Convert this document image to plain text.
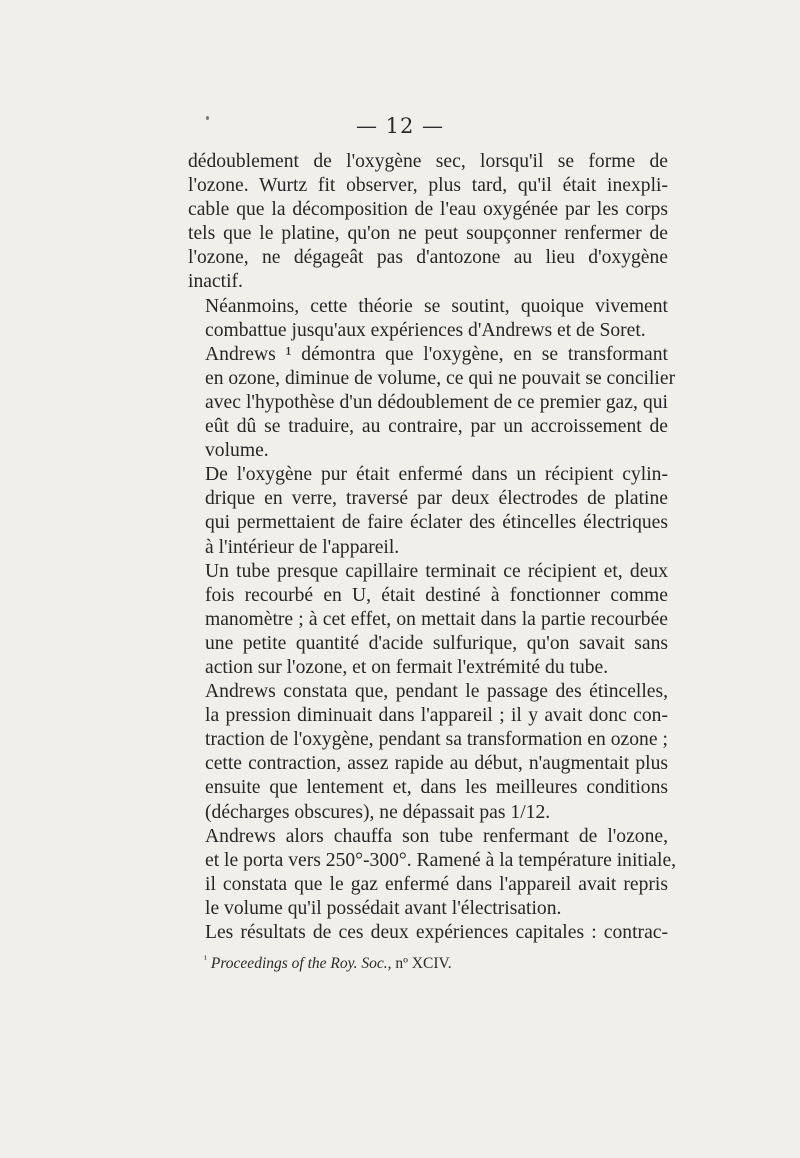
— 12 —

dédoublement de l'oxygène sec, lorsqu'il se forme de
l'ozone. Wurtz fit observer, plus tard, qu'il était inexpli-
cable que la décomposition de l'eau oxygénée par les corps
tels que le platine, qu'on ne peut soupçonner renfermer de
l'ozone, ne dégageât pas d'antozone au lieu d'oxygène
inactif.

Néanmoins, cette théorie se soutint, quoique vivement
combattue jusqu'aux expériences d'Andrews et de Soret.

Andrews ¹ démontra que l'oxygène, en se transformant
en ozone, diminue de volume, ce qui ne pouvait se concilier
avec l'hypothèse d'un dédoublement de ce premier gaz, qui
eût dû se traduire, au contraire, par un accroissement de
volume.

De l'oxygène pur était enfermé dans un récipient cylin-
drique en verre, traversé par deux électrodes de platine
qui permettaient de faire éclater des étincelles électriques
à l'intérieur de l'appareil.

Un tube presque capillaire terminait ce récipient et, deux
fois recourbé en U, était destiné à fonctionner comme
manomètre ; à cet effet, on mettait dans la partie recourbée
une petite quantité d'acide sulfurique, qu'on savait sans
action sur l'ozone, et on fermait l'extrémité du tube.

Andrews constata que, pendant le passage des étincelles,
la pression diminuait dans l'appareil ; il y avait donc con-
traction de l'oxygène, pendant sa transformation en ozone ;
cette contraction, assez rapide au début, n'augmentait plus
ensuite que lentement et, dans les meilleures conditions
(décharges obscures), ne dépassait pas 1/12.

Andrews alors chauffa son tube renfermant de l'ozone,
et le porta vers 250°-300°. Ramené à la température initiale,
il constata que le gaz enfermé dans l'appareil avait repris
le volume qu'il possédait avant l'électrisation.

Les résultats de ces deux expériences capitales : contrac-

$^{^1}$ Proceedings of the Roy. Soc., nº XCIV.
